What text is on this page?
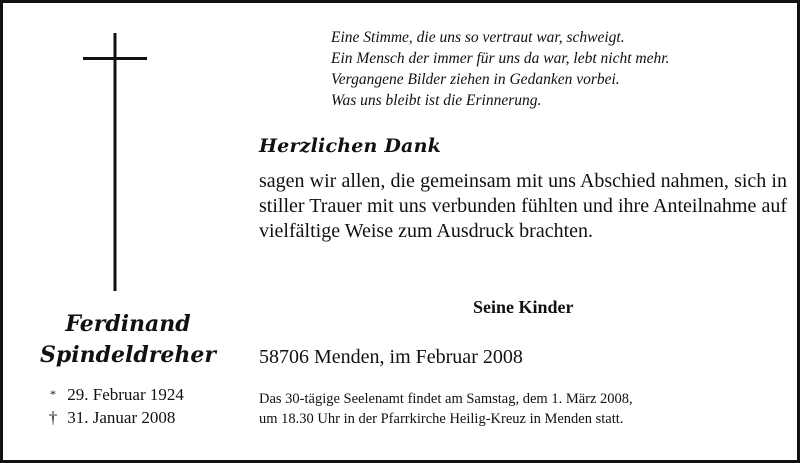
Eine Stimme, die uns so vertraut war, schweigt.
Ein Mensch der immer für uns da war, lebt nicht mehr.
Vergangene Bilder ziehen in Gedanken vorbei.
Was uns bleibt ist die Erinnerung.
Herzlichen Dank
sagen wir allen, die gemeinsam mit uns Abschied nahmen, sich in stiller Trauer mit uns verbunden fühlten und ihre Anteilnahme auf vielfältige Weise zum Ausdruck brachten.
Seine Kinder
Ferdinand
Spindeldreher
* 29. Februar 1924
† 31. Januar 2008
58706 Menden, im Februar 2008
Das 30-tägige Seelenamt findet am Samstag, dem 1. März 2008,
um 18.30 Uhr in der Pfarrkirche Heilig-Kreuz in Menden statt.
